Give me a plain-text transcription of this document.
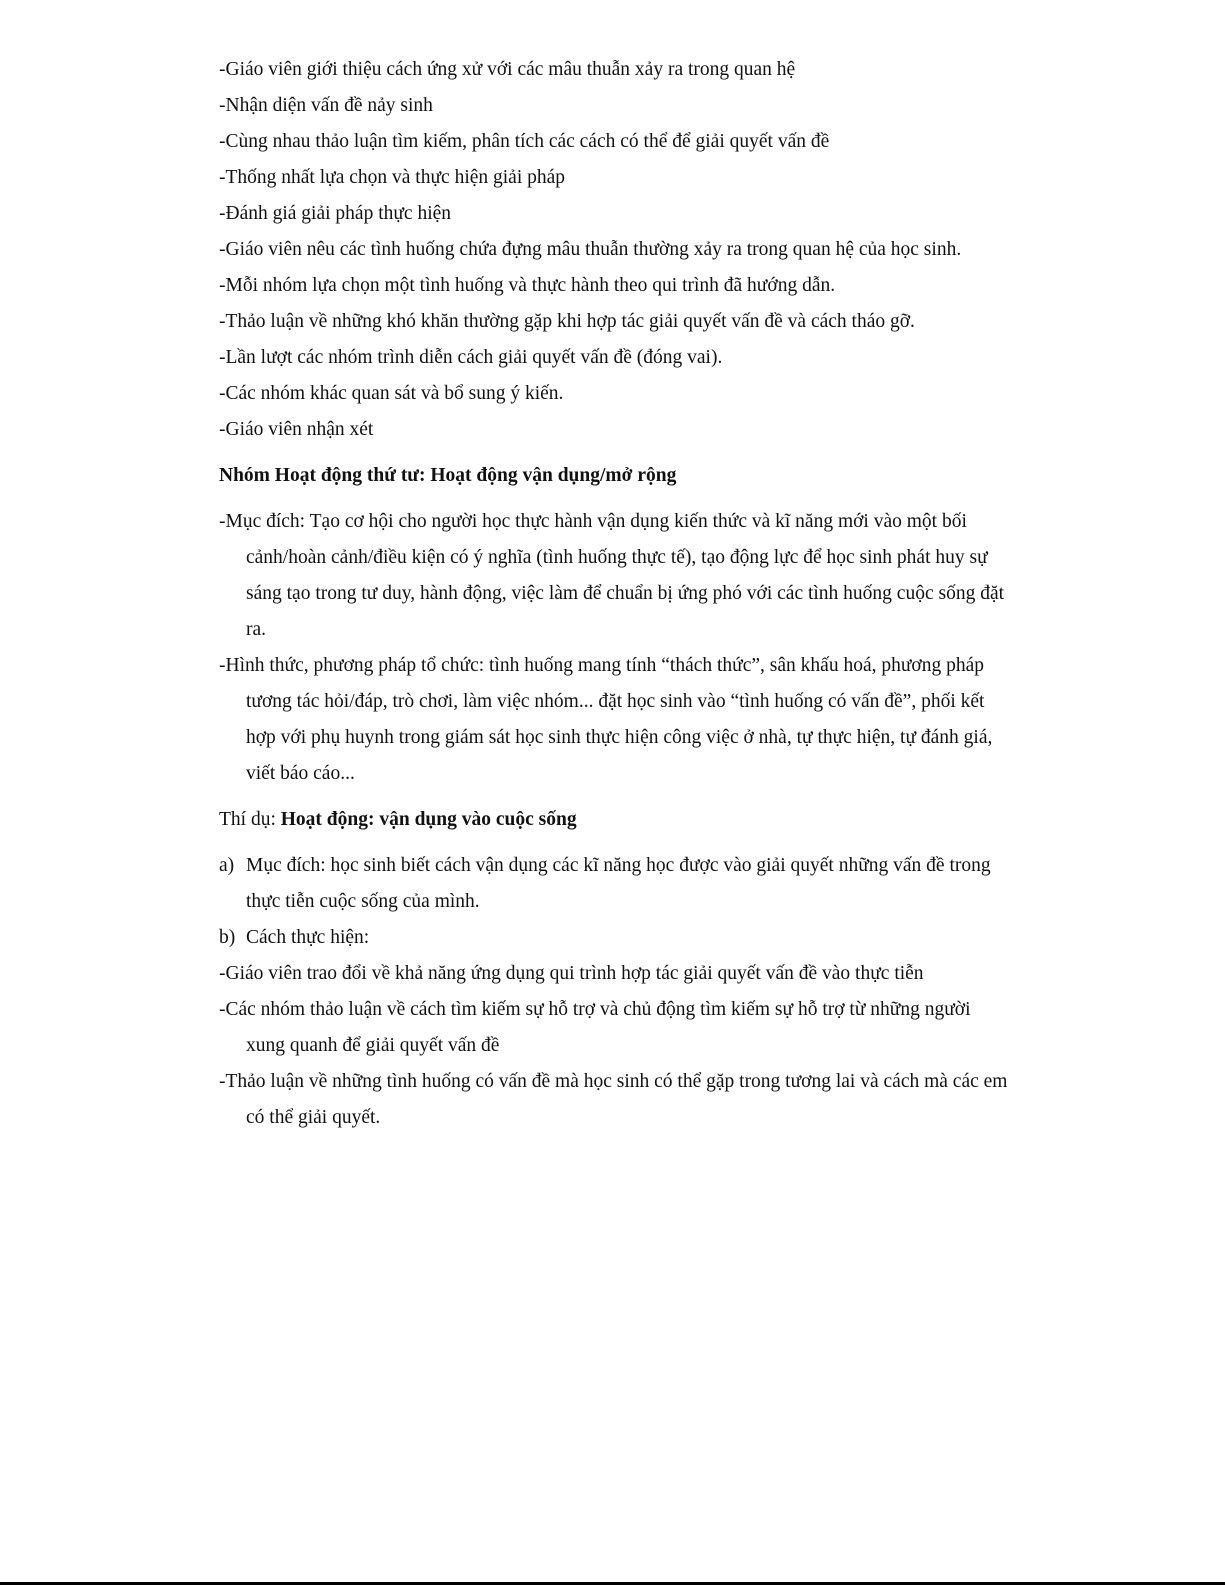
-Giáo viên giới thiệu cách ứng xử với các mâu thuẫn xảy ra trong quan hệ
-Nhận diện vấn đề nảy sinh
-Cùng nhau thảo luận tìm kiếm, phân tích các cách có thể để giải quyết vấn đề
-Thống nhất lựa chọn và thực hiện giải pháp
-Đánh giá giải pháp thực hiện
-Giáo viên nêu các tình huống chứa đựng mâu thuẫn thường xảy ra trong quan hệ của học sinh.
-Mỗi nhóm lựa chọn một tình huống và thực hành theo qui trình đã hướng dẫn.
-Thảo luận về những khó khăn thường gặp khi hợp tác giải quyết vấn đề và cách tháo gỡ.
-Lần lượt các nhóm trình diễn cách giải quyết vấn đề (đóng vai).
-Các nhóm khác quan sát và bổ sung ý kiến.
-Giáo viên nhận xét
Nhóm Hoạt động thứ tư: Hoạt động vận dụng/mở rộng
-Mục đích: Tạo cơ hội cho người học thực hành vận dụng kiến thức và kĩ năng mới vào một bối cảnh/hoàn cảnh/điều kiện có ý nghĩa (tình huống thực tế), tạo động lực để học sinh phát huy sự sáng tạo trong tư duy, hành động, việc làm để chuẩn bị ứng phó với các tình huống cuộc sống đặt ra.
-Hình thức, phương pháp tổ chức: tình huống mang tính “thách thức”, sân khấu hoá, phương pháp tương tác hỏi/đáp, trò chơi, làm việc nhóm... đặt học sinh vào “tình huống có vấn đề”, phối kết hợp với phụ huynh trong giám sát học sinh thực hiện công việc ở nhà, tự thực hiện, tự đánh giá, viết báo cáo...
Thí dụ: Hoạt động: vận dụng vào cuộc sống
a) Mục đích: học sinh biết cách vận dụng các kĩ năng học được vào giải quyết những vấn đề trong thực tiễn cuộc sống của mình.
b) Cách thực hiện:
-Giáo viên trao đổi về khả năng ứng dụng qui trình hợp tác giải quyết vấn đề vào thực tiễn
-Các nhóm thảo luận về cách tìm kiếm sự hỗ trợ và chủ động tìm kiếm sự hỗ trợ từ những người xung quanh để giải quyết vấn đề
-Thảo luận về những tình huống có vấn đề mà học sinh có thể gặp trong tương lai và cách mà các em có thể giải quyết.
